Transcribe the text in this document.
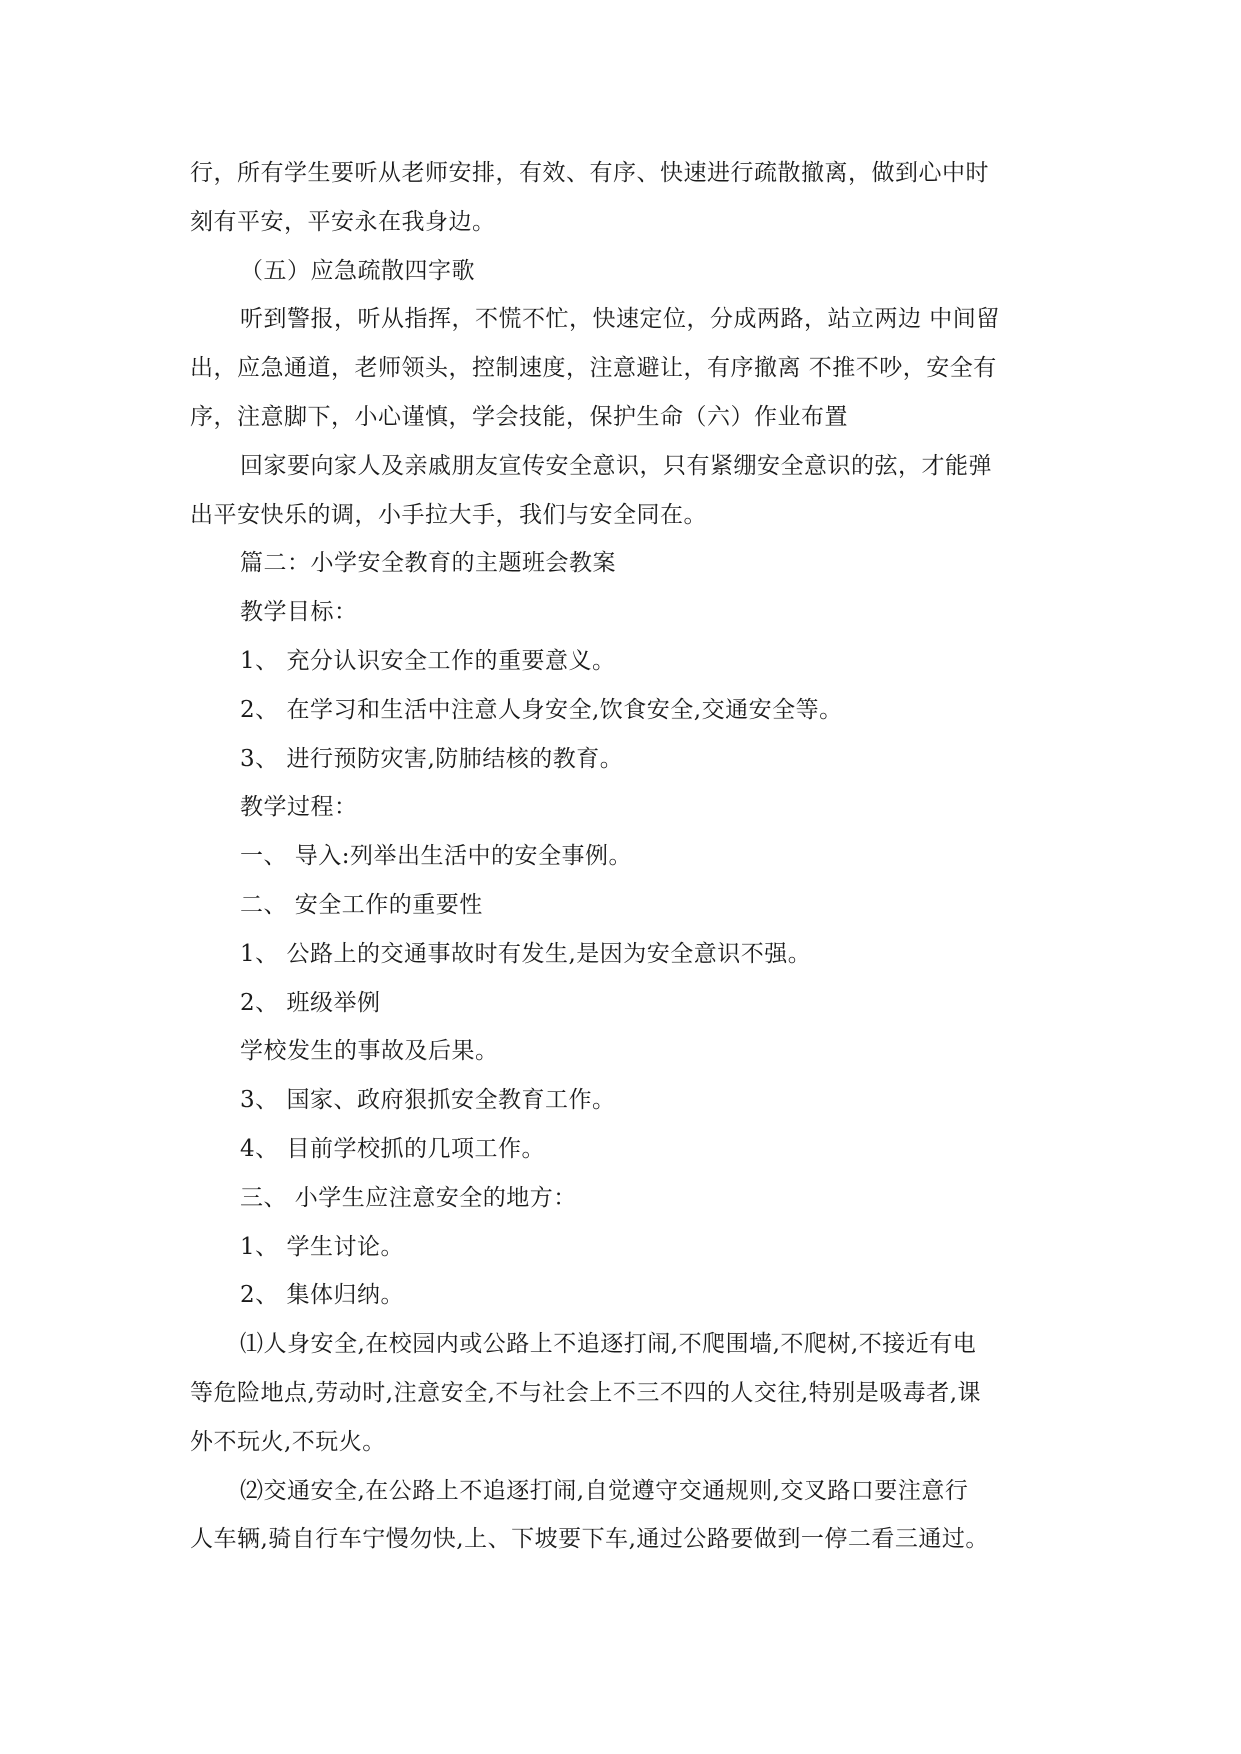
行，所有学生要听从老师安排，有效、有序、快速进行疏散撤离，做到心中时
刻有平安，平安永在我身边。
（五）应急疏散四字歌
听到警报，听从指挥，不慌不忙，快速定位，分成两路，站立两边 中间留
出，应急通道，老师领头，控制速度，注意避让，有序撤离 不推不吵，安全有
序，注意脚下，小心谨慎，学会技能，保护生命（六）作业布置
回家要向家人及亲戚朋友宣传安全意识，只有紧绷安全意识的弦，才能弹
出平安快乐的调，小手拉大手，我们与安全同在。
篇二：小学安全教育的主题班会教案
教学目标：
1、 充分认识安全工作的重要意义。
2、 在学习和生活中注意人身安全,饮食安全,交通安全等。
3、 进行预防灾害,防肺结核的教育。
教学过程：
一、 导入:列举出生活中的安全事例。
二、 安全工作的重要性
1、 公路上的交通事故时有发生,是因为安全意识不强。
2、 班级举例
学校发生的事故及后果。
3、 国家、政府狠抓安全教育工作。
4、 目前学校抓的几项工作。
三、 小学生应注意安全的地方：
1、 学生讨论。
2、 集体归纳。
⑴人身安全,在校园内或公路上不追逐打闹,不爬围墙,不爬树,不接近有电
等危险地点,劳动时,注意安全,不与社会上不三不四的人交往,特别是吸毒者,课
外不玩火,不玩火。
⑵交通安全,在公路上不追逐打闹,自觉遵守交通规则,交叉路口要注意行
人车辆,骑自行车宁慢勿快,上、下坡要下车,通过公路要做到一停二看三通过。
